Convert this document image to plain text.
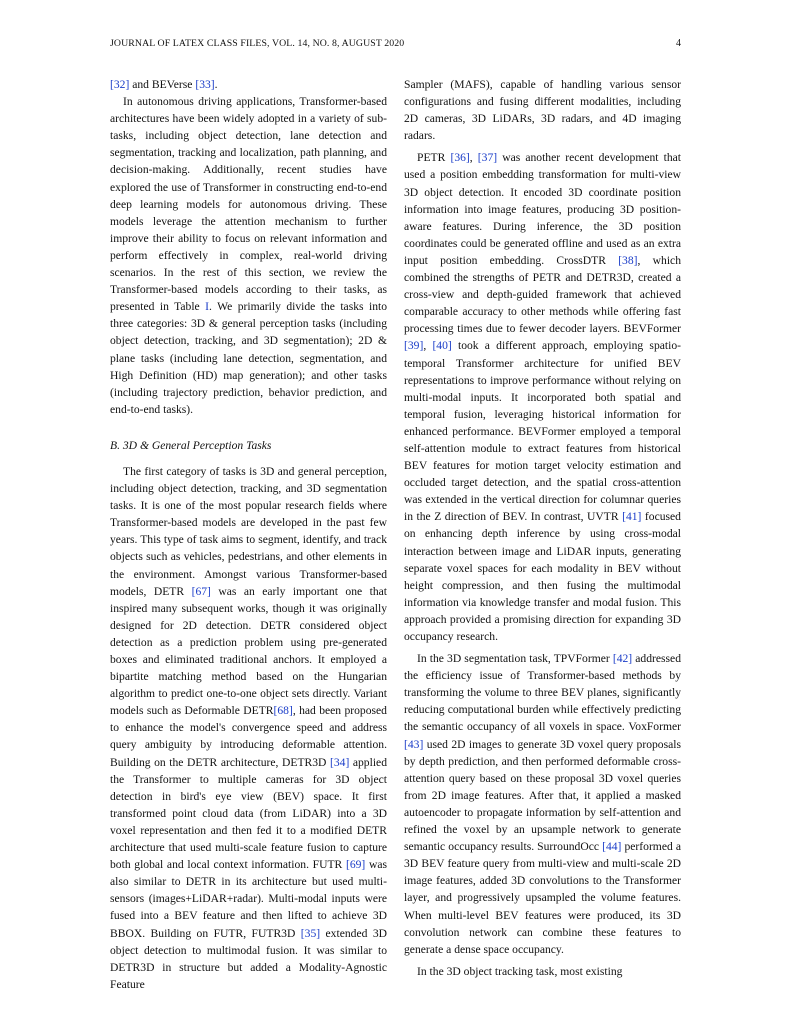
JOURNAL OF LATEX CLASS FILES, VOL. 14, NO. 8, AUGUST 2020	4

[32] and BEVerse [33].

In autonomous driving applications, Transformer-based architectures have been widely adopted in a variety of sub-tasks, including object detection, lane detection and segmentation, tracking and localization, path planning, and decision-making. Additionally, recent studies have explored the use of Transformer in constructing end-to-end deep learning models for autonomous driving. These models leverage the attention mechanism to further improve their ability to focus on relevant information and perform effectively in complex, real-world driving scenarios. In the rest of this section, we review the Transformer-based models according to their tasks, as presented in Table I. We primarily divide the tasks into three categories: 3D & general perception tasks (including object detection, tracking, and 3D segmentation); 2D & plane tasks (including lane detection, segmentation, and High Definition (HD) map generation); and other tasks (including trajectory prediction, behavior prediction, and end-to-end tasks).

B. 3D & General Perception Tasks

The first category of tasks is 3D and general perception, including object detection, tracking, and 3D segmentation tasks. It is one of the most popular research fields where Transformer-based models are developed in the past few years. This type of task aims to segment, identify, and track objects such as vehicles, pedestrians, and other elements in the environment. Amongst various Transformer-based models, DETR [67] was an early important one that inspired many subsequent works, though it was originally designed for 2D detection. DETR considered object detection as a prediction problem using pre-generated boxes and eliminated traditional anchors. It employed a bipartite matching method based on the Hungarian algorithm to predict one-to-one object sets directly. Variant models such as Deformable DETR[68], had been proposed to enhance the model's convergence speed and address query ambiguity by introducing deformable attention. Building on the DETR architecture, DETR3D [34] applied the Transformer to multiple cameras for 3D object detection in bird's eye view (BEV) space. It first transformed point cloud data (from LiDAR) into a 3D voxel representation and then fed it to a modified DETR architecture that used multi-scale feature fusion to capture both global and local context information. FUTR [69] was also similar to DETR in its architecture but used multi-sensors (images+LiDAR+radar). Multi-modal inputs were fused into a BEV feature and then lifted to achieve 3D BBOX. Building on FUTR, FUTR3D [35] extended 3D object detection to multimodal fusion. It was similar to DETR3D in structure but added a Modality-Agnostic Feature

Sampler (MAFS), capable of handling various sensor configurations and fusing different modalities, including 2D cameras, 3D LiDARs, 3D radars, and 4D imaging radars.

PETR [36], [37] was another recent development that used a position embedding transformation for multi-view 3D object detection. It encoded 3D coordinate position information into image features, producing 3D position-aware features. During inference, the 3D position coordinates could be generated offline and used as an extra input position embedding. CrossDTR [38], which combined the strengths of PETR and DETR3D, created a cross-view and depth-guided framework that achieved comparable accuracy to other methods while offering fast processing times due to fewer decoder layers. BEVFormer [39], [40] took a different approach, employing spatio-temporal Transformer architecture for unified BEV representations to improve performance without relying on multi-modal inputs. It incorporated both spatial and temporal fusion, leveraging historical information for enhanced performance. BEVFormer employed a temporal self-attention module to extract features from historical BEV features for motion target velocity estimation and occluded target detection, and the spatial cross-attention was extended in the vertical direction for columnar queries in the Z direction of BEV. In contrast, UVTR [41] focused on enhancing depth inference by using cross-modal interaction between image and LiDAR inputs, generating separate voxel spaces for each modality in BEV without height compression, and then fusing the multimodal information via knowledge transfer and modal fusion. This approach provided a promising direction for expanding 3D occupancy research.

In the 3D segmentation task, TPVFormer [42] addressed the efficiency issue of Transformer-based methods by transforming the volume to three BEV planes, significantly reducing computational burden while effectively predicting the semantic occupancy of all voxels in space. VoxFormer [43] used 2D images to generate 3D voxel query proposals by depth prediction, and then performed deformable cross-attention query based on these proposal 3D voxel queries from 2D image features. After that, it applied a masked autoencoder to propagate information by self-attention and refined the voxel by an upsample network to generate semantic occupancy results. SurroundOcc [44] performed a 3D BEV feature query from multi-view and multi-scale 2D image features, added 3D convolutions to the Transformer layer, and progressively upsampled the volume features. When multi-level BEV features were produced, its 3D convolution network can combine these features to generate a dense space occupancy.

In the 3D object tracking task, most existing
